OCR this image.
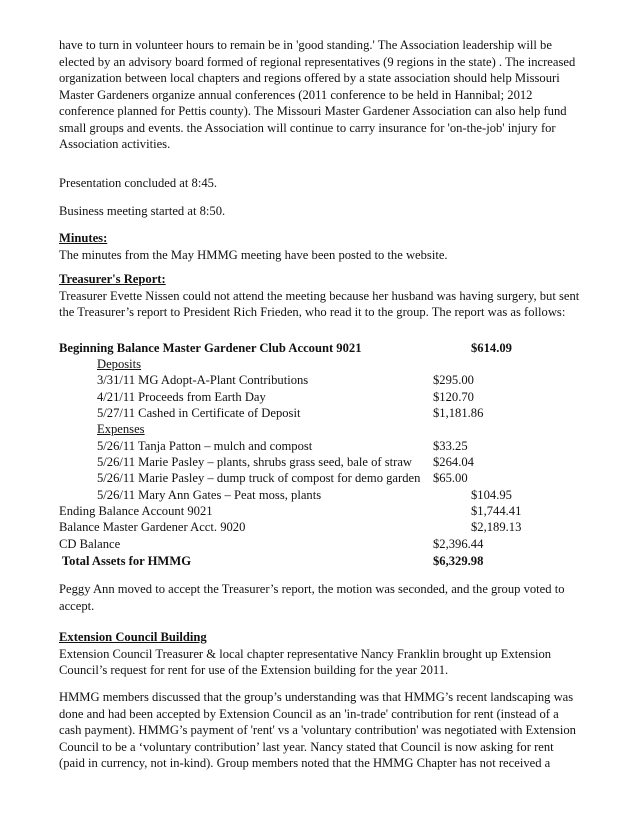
have to turn in volunteer hours to remain be in 'good standing.' The Association leadership will be
elected by an advisory board formed of regional representatives (9 regions in the state) . The increased
organization between local chapters and regions offered by a state association should help Missouri
Master Gardeners organize annual conferences (2011 conference to be held in Hannibal; 2012
conference planned for Pettis county). The Missouri Master Gardener Association can also help fund
small groups and events. the Association will continue to carry insurance for 'on-the-job' injury for
Association activities.
Presentation concluded at 8:45.
Business meeting started at 8:50.
Minutes:
The minutes from the May HMMG meeting have been posted to the website.
Treasurer's Report:
Treasurer Evette Nissen could not attend the meeting because her husband was having surgery, but sent
the Treasurer’s report to President Rich Frieden, who read it to the group. The report was as follows:
Beginning Balance Master Gardener Club Account 9021	$614.09
Deposits
3/31/11 MG Adopt-A-Plant Contributions	$295.00
4/21/11 Proceeds from Earth Day	$120.70
5/27/11 Cashed in Certificate of Deposit	$1,181.86
Expenses
5/26/11 Tanja Patton – mulch and compost	$33.25
5/26/11 Marie Pasley – plants, shrubs grass seed, bale of straw $264.04
5/26/11 Marie Pasley – dump truck of compost for demo garden $65.00
5/26/11 Mary Ann Gates – Peat moss, plants	$104.95
Ending Balance Account 9021	$1,744.41
Balance Master Gardener Acct. 9020	$2,189.13
CD Balance	$2,396.44
Total Assets for HMMG	$6,329.98
Peggy Ann moved to accept the Treasurer’s report, the motion was seconded, and the group voted to
accept.
Extension Council Building
Extension Council Treasurer & local chapter representative Nancy Franklin brought up Extension
Council’s request for rent for use of the Extension building for the year 2011.
HMMG members discussed that the group’s understanding was that HMMG’s recent landscaping was
done and had been accepted by Extension Council as an 'in-trade' contribution for rent (instead of a
cash payment). HMMG’s payment of 'rent' vs a 'voluntary contribution' was negotiated with Extension
Council to be a ‘voluntary contribution’ last year. Nancy stated that Council is now asking for rent
(paid in currency, not in-kind). Group members noted that the HMMG Chapter has not received a
